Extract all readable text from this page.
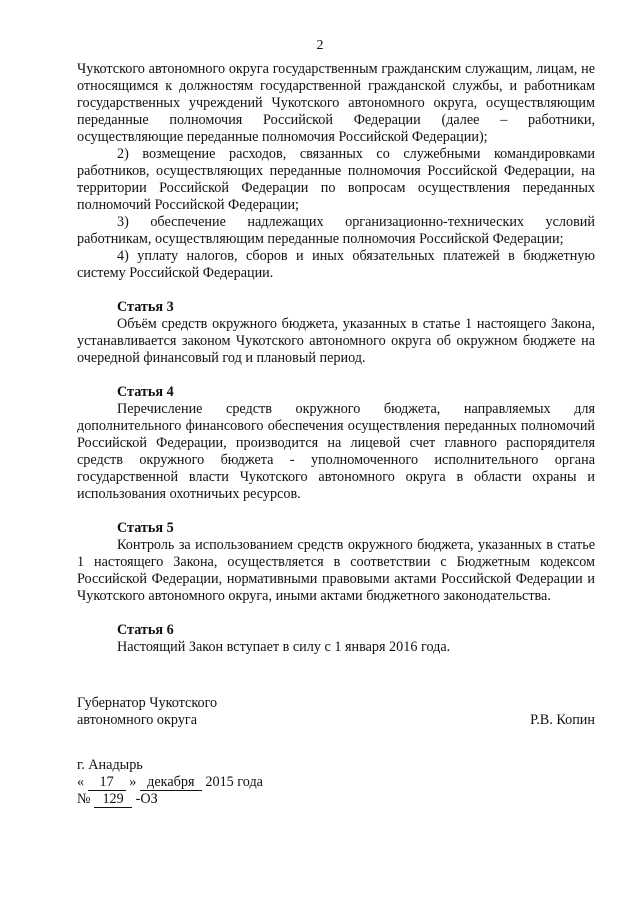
2

Чукотского автономного округа государственным гражданским служащим, лицам, не относящимся к должностям государственной гражданской службы, и работникам государственных учреждений Чукотского автономного округа, осуществляющим переданные полномочия Российской Федерации (далее – работники, осуществляющие переданные полномочия Российской Федерации);

2) возмещение расходов, связанных со служебными командировками работников, осуществляющих переданные полномочия Российской Федерации, на территории Российской Федерации по вопросам осуществления переданных полномочий Российской Федерации;

3) обеспечение надлежащих организационно-технических условий работникам, осуществляющим переданные полномочия Российской Федерации;

4) уплату налогов, сборов и иных обязательных платежей в бюджетную систему Российской Федерации.

Статья 3

Объём средств окружного бюджета, указанных в статье 1 настоящего Закона, устанавливается законом Чукотского автономного округа об окружном бюджете на очередной финансовый год и плановый период.

Статья 4

Перечисление средств окружного бюджета, направляемых для дополнительного финансового обеспечения осуществления переданных полномочий Российской Федерации, производится на лицевой счет главного распорядителя средств окружного бюджета - уполномоченного исполнительного органа государственной власти Чукотского автономного округа в области охраны и использования охотничьих ресурсов.

Статья 5

Контроль за использованием средств окружного бюджета, указанных в статье 1 настоящего Закона, осуществляется в соответствии с Бюджетным кодексом Российской Федерации, нормативными правовыми актами Российской Федерации и Чукотского автономного округа, иными актами бюджетного законодательства.

Статья 6

Настоящий Закон вступает в силу с 1 января 2016 года.

Губернатор Чукотского
автономного округа	Р.В. Копин
г. Анадырь
« 17 » декабря 2015 года
№ 129 -ОЗ
